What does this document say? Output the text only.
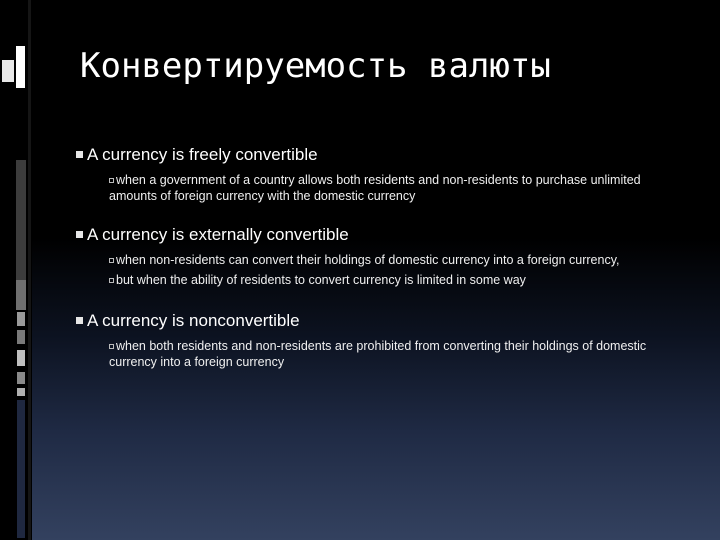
Конвертируемость валюты
A currency is freely convertible
when a government of a country allows both residents and non-residents to purchase unlimited amounts of foreign currency with the domestic currency
A currency is externally convertible
when non-residents can convert their holdings of domestic currency into a foreign currency,
but when the ability of residents to convert currency is limited in some way
A currency is nonconvertible
when both residents and non-residents are prohibited from converting their holdings of domestic currency into a foreign currency
